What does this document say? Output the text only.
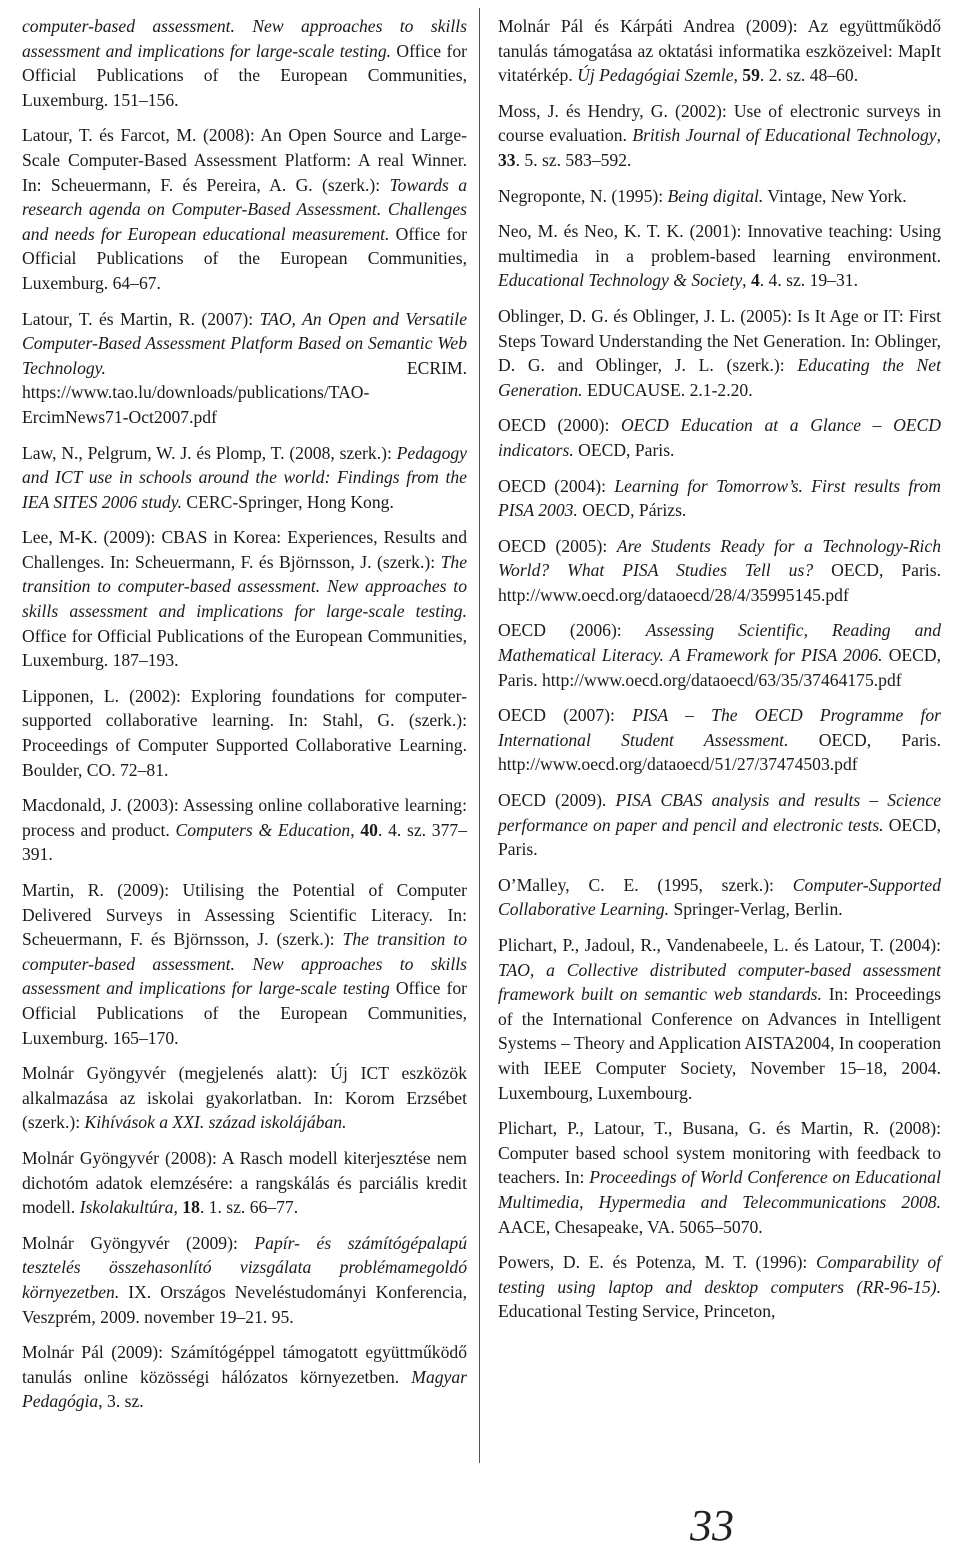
computer-based assessment. New approaches to skills assessment and implications for large-scale testing. Office for Official Publications of the European Communities, Luxemburg. 151‒156.

Latour, T. és Farcot, M. (2008): An Open Source and Large-Scale Computer-Based Assessment Platform: A real Winner. In: Scheuermann, F. és Pereira, A. G. (szerk.): Towards a research agenda on Computer-Based Assessment. Challenges and needs for European educational measurement. Office for Official Publications of the European Communities, Luxemburg. 64‒67.

Latour, T. és Martin, R. (2007): TAO, An Open and Versatile Computer-Based Assessment Platform Based on Semantic Web Technology. ECRIM. https://www.tao.lu/downloads/publications/TAO-ErcimNews71-Oct2007.pdf

Law, N., Pelgrum, W. J. és Plomp, T. (2008, szerk.): Pedagogy and ICT use in schools around the world: Findings from the IEA SITES 2006 study. CERC-Springer, Hong Kong.

Lee, M-K. (2009): CBAS in Korea: Experiences, Results and Challenges. In: Scheuermann, F. és Björnsson, J. (szerk.): The transition to computer-based assessment. New approaches to skills assessment and implications for large-scale testing. Office for Official Publications of the European Communities, Luxemburg. 187‒193.

Lipponen, L. (2002): Exploring foundations for computer-supported collaborative learning. In: Stahl, G. (szerk.): Proceedings of Computer Supported Collaborative Learning. Boulder, CO. 72‒81.

Macdonald, J. (2003): Assessing online collaborative learning: process and product. Computers & Education, 40. 4. sz. 377‒391.

Martin, R. (2009): Utilising the Potential of Computer Delivered Surveys in Assessing Scientific Literacy. In: Scheuermann, F. és Björnsson, J. (szerk.): The transition to computer-based assessment. New approaches to skills assessment and implications for large-scale testing Office for Official Publications of the European Communities, Luxemburg. 165‒170.

Molnár Gyöngyvér (megjelenés alatt): Új ICT eszközök alkalmazása az iskolai gyakorlatban. In: Korom Erzsébet (szerk.): Kihívások a XXI. század iskolájában.

Molnár Gyöngyvér (2008): A Rasch modell kiterjesztése nem dichotóm adatok elemzésére: a rangskálás és parciális kredit modell. Iskolakultúra, 18. 1. sz. 66‒77.

Molnár Gyöngyvér (2009): Papír- és számítógépalapú tesztelés összehasonlító vizsgálata problémamegoldó környezetben. IX. Országos Neveléstudományi Konferencia, Veszprém, 2009. november 19‒21. 95.

Molnár Pál (2009): Számítógéppel támogatott együttműködő tanulás online közösségi hálózatos környezetben. Magyar Pedagógia, 3. sz.

Molnár Pál és Kárpáti Andrea (2009): Az együttműködő tanulás támogatása az oktatási informatika eszközeivel: MapIt vitatérkép. Új Pedagógiai Szemle, 59. 2. sz. 48‒60.

Moss, J. és Hendry, G. (2002): Use of electronic surveys in course evaluation. British Journal of Educational Technology, 33. 5. sz. 583‒592.

Negroponte, N. (1995): Being digital. Vintage, New York.

Neo, M. és Neo, K. T. K. (2001): Innovative teaching: Using multimedia in a problem-based learning environment. Educational Technology & Society, 4. 4. sz. 19‒31.

Oblinger, D. G. és Oblinger, J. L. (2005): Is It Age or IT: First Steps Toward Understanding the Net Generation. In: Oblinger, D. G. and Oblinger, J. L. (szerk.): Educating the Net Generation. EDUCAUSE. 2.1-2.20.

OECD (2000): OECD Education at a Glance ‒ OECD indicators. OECD, Paris.

OECD (2004): Learning for Tomorrow’s. First results from PISA 2003. OECD, Párizs.

OECD (2005): Are Students Ready for a Technology-Rich World? What PISA Studies Tell us? OECD, Paris. http://www.oecd.org/dataoecd/28/4/35995145.pdf

OECD (2006): Assessing Scientific, Reading and Mathematical Literacy. A Framework for PISA 2006. OECD, Paris. http://www.oecd.org/dataoecd/63/35/37464175.pdf

OECD (2007): PISA ‒ The OECD Programme for International Student Assessment. OECD, Paris. http://www.oecd.org/dataoecd/51/27/37474503.pdf

OECD (2009). PISA CBAS analysis and results ‒ Science performance on paper and pencil and electronic tests. OECD, Paris.

O’Malley, C. E. (1995, szerk.): Computer-Supported Collaborative Learning. Springer-Verlag, Berlin.

Plichart, P., Jadoul, R., Vandenabeele, L. és Latour, T. (2004): TAO, a Collective distributed computer-based assessment framework built on semantic web standards. In: Proceedings of the International Conference on Advances in Intelligent Systems ‒ Theory and Application AISTA2004, In cooperation with IEEE Computer Society, November 15‒18, 2004. Luxembourg, Luxembourg.

Plichart, P., Latour, T., Busana, G. és Martin, R. (2008): Computer based school system monitoring with feedback to teachers. In: Proceedings of World Conference on Educational Multimedia, Hypermedia and Telecommunications 2008. AACE, Chesapeake, VA. 5065‒5070.

Powers, D. E. és Potenza, M. T. (1996): Comparability of testing using laptop and desktop computers (RR-96-15). Educational Testing Service, Princeton,

33
